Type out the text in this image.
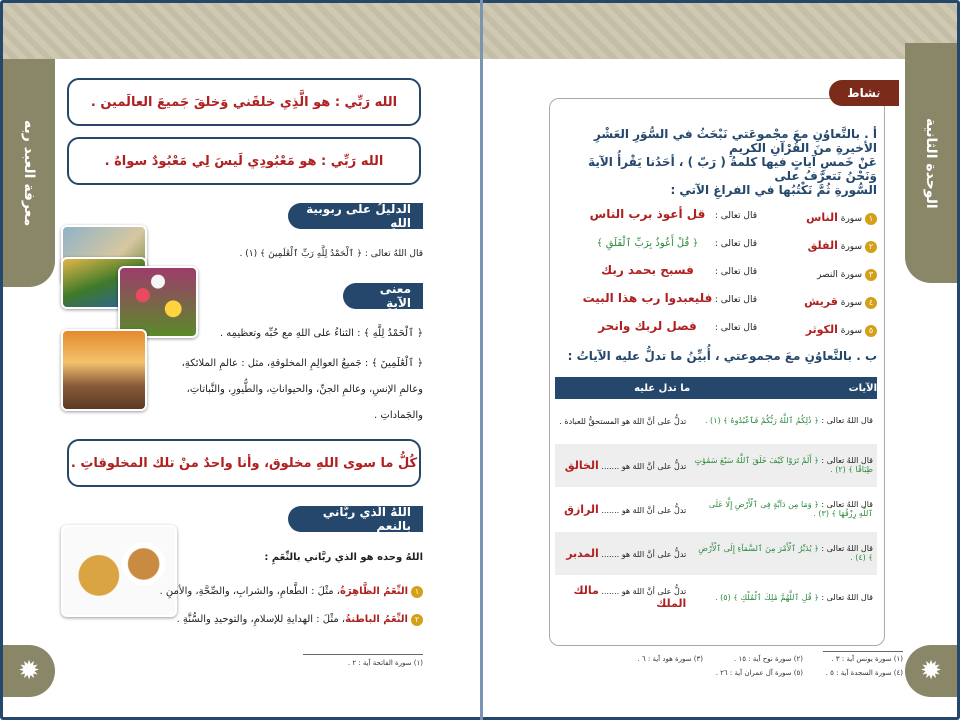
معرفة العبد ربه
✹
الله رَبِّي : هو الَّذِي خلقَني وَخلقَ جَميعَ العالَمين .
الله رَبِّي : هو مَعْبُودِي لَيسَ لِي مَعْبُودٌ سواهُ .
الدليلُ على ربوبية اللهِ
قال اللهُ تعالى : ﴿ ٱلْحَمْدُ لِلَّهِ رَبِّ ٱلْعَٰلَمِينَ ﴾ (١) .
معنى الآيةِ
﴿ ٱلْحَمْدُ لِلَّهِ ﴾ : الثناءُ على اللهِ مع حُبِّه وتعظيمِه .
﴿ ٱلْعَٰلَمِينَ ﴾ : جَميعُ العوالِمِ المخلوقةِ، مثل : عالمِ الملائكةِ،
وعالمِ الإنسِ، وعالمِ الجنِّ، والحيواناتِ، والطُّيورِ، والنَّباتاتِ،
والجَماداتِ .
كُلُّ ما سوى اللهِ مخلوق، وأنا واحدٌ منْ تلك المخلوقاتِ .
اللهُ الَّذي ربَّاني بالنعم
اللهُ وحده هو الذي ربَّاني بالنِّعَمِ :
١النِّعَمُ الظَّاهِرَةُ، مثْلَ : الطَّعامِ، والشرابِ، والصِّحَّةِ، والأمنِ .
٢النِّعَمُ الباطنةُ، مثْلَ : الهدايةِ للإسلامِ، والتوحيدِ والسُّنَّةِ .
(١) سورة الفاتحة آية : ٢ .
الوحدة الثانية
✹
نشاط
?
أ . بالتَّعاوُنِ معَ مجْموعَتي نَبْحَثُ في السُّوَرِ العَشْرِ الأخيرةِ منَ القُرْآنِ الكريمِ
عَنْ خَمسِ آياتٍ فيها كلمةُ ( رَبّ ) ، أحَدُنا يَقْرأُ الآيةَ وَنَحْنُ نَتعرَّفُ على
السُّورةِ ثُمَّ نَكْتُبُها في الفراغِ الآتي :
١سورة الناس
قال تعالى :
قل أعوذ برب الناس
٢سورة الفلق
قال تعالى :
﴿ قُلْ أَعُوذُ بِرَبِّ ٱلْفَلَقِ ﴾
٣سورة النصر
قال تعالى :
فسبح بحمد ربك
٤سورة قريش
قال تعالى :
فليعبدوا رب هذا البيت
٥سورة الكوثر
قال تعالى :
فصل لربك وانحر
ب . بالتَّعاوُنِ معَ مجموعتي ، أُبيِّنُ ما تدلُّ عليه الآياتُ :
الآيات	ما تدل عليه
قال اللهُ تعالى : ﴿ ذَٰلِكُمُ ٱللَّهُ رَبُّكُمْ فَٱعْبُدُوهُ ﴾ (١) .	تدلُّ على أنَّ اللهَ هو المستحقُّ للعبادة .
قال اللهُ تعالى : ﴿ أَلَمْ تَرَوْا كَيْفَ خَلَقَ ٱللَّهُ سَبْعَ سَمَٰوَٰتٍ طِبَاقًا ﴾ (٢) .	تدلُّ على أنَّ اللهَ هو ....... الخالق
قال اللهُ تعالى : ﴿ وَمَا مِن دَآبَّةٍ فِى ٱلْأَرْضِ إِلَّا عَلَى ٱللَّهِ رِزْقُهَا ﴾ (٣) .	تدلُّ على أنَّ اللهَ هو ....... الرازق
قال اللهُ تعالى : ﴿ يُدَبِّرُ ٱلْأَمْرَ مِنَ ٱلسَّمَآءِ إِلَى ٱلْأَرْضِ ﴾ (٤) .	تدلُّ على أنَّ اللهَ هو ....... المدبر
قال اللهُ تعالى : ﴿ قُلِ ٱللَّهُمَّ مَٰلِكَ ٱلْمُلْكِ ﴾ (٥) .	تدلُّ على أنَّ اللهَ هو ....... مالك الملك
(١) سورة يونس آية : ٣ .
(٢) سورة نوح آية : ١٥ .
(٣) سورة هود آية : ٦ .
(٤) سورة السجدة آية : ٥ .
(٥) سورة آل عمران آية : ٢٦ .
